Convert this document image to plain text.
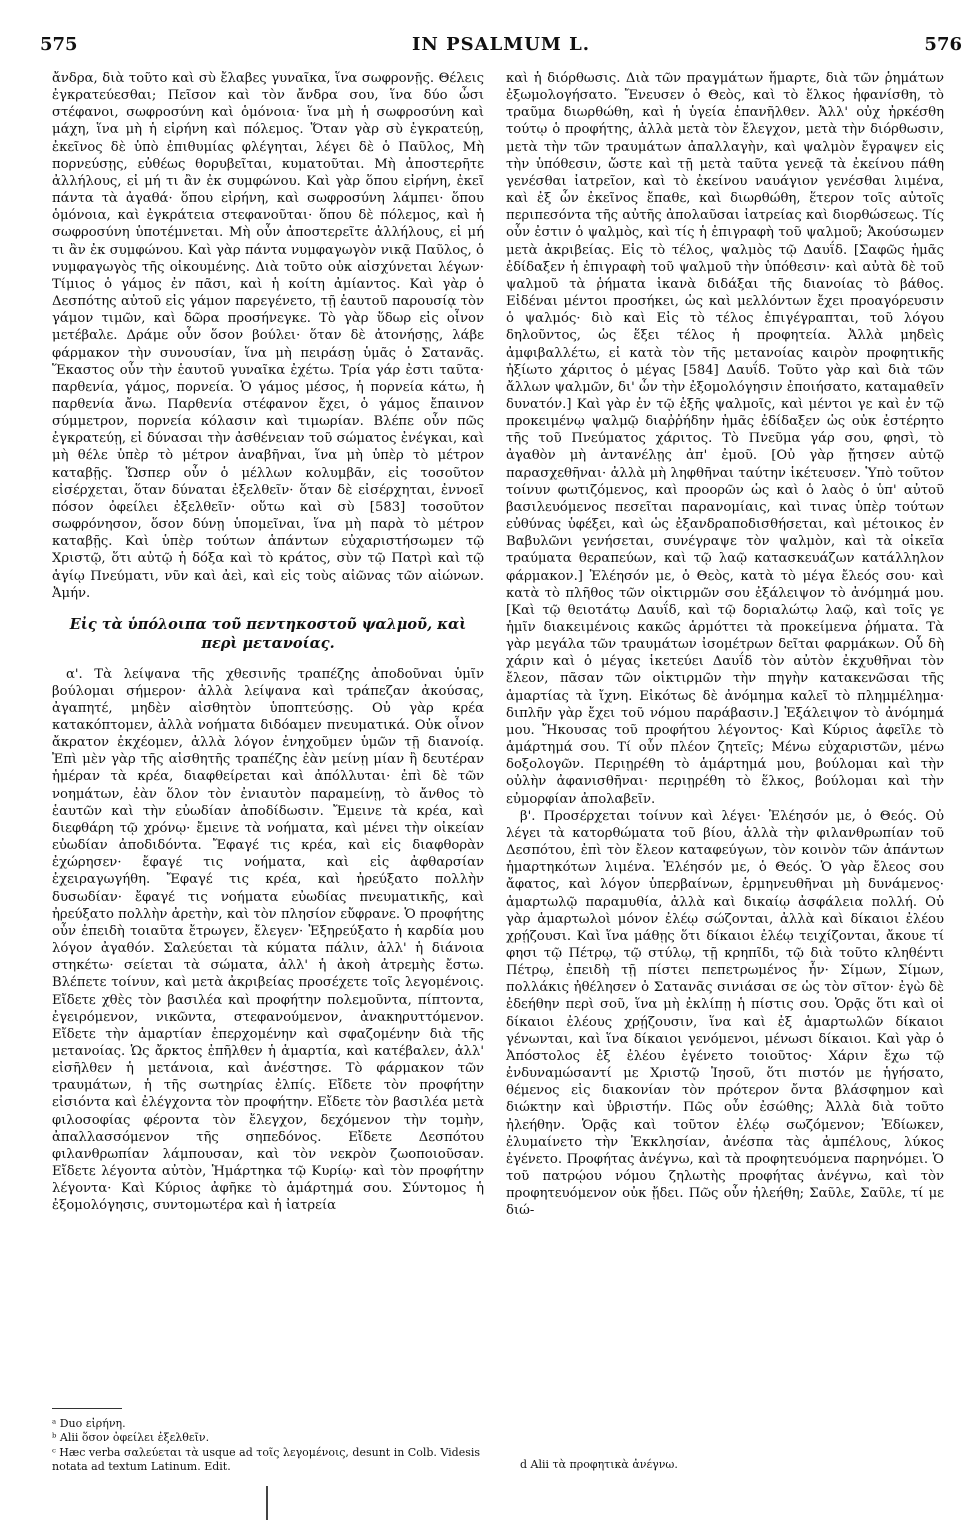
575	IN PSALMUM L.	576

ἄνδρα, διὰ τοῦτο καὶ σὺ ἔλαβες γυναῖκα, ἵνα σωφρονῇς. Θέλεις ἐγκρατεύεσθαι; Πεῖσον καὶ τὸν ἄνδρα σου, ἵνα δύο ὦσι στέφανοι, σωφροσύνη καὶ ὁμόνοια· ἵνα μὴ ἡ σωφροσύνη καὶ μάχη, ἵνα μὴ ἡ εἰρήνη καὶ πόλεμος. Ὅταν γὰρ σὺ ἐγκρατεύῃ, ἐκεῖνος δὲ ὑπὸ ἐπιθυμίας φλέγηται, λέγει δὲ ὁ Παῦλος, Μὴ πορνεύσῃς, εὐθέως θορυβεῖται, κυματοῦται. Μὴ ἀποστερῆτε ἀλλήλους, εἰ μή τι ἂν ἐκ συμφώνου. Καὶ γὰρ ὅπου εἰρήνη, ἐκεῖ πάντα τὰ ἀγαθά· ὅπου εἰρήνη, καὶ σωφροσύνη λάμπει· ὅπου ὁμόνοια, καὶ ἐγκράτεια στεφανοῦται· ὅπου δὲ πόλεμος, καὶ ἡ σωφροσύνη ὑποτέμνεται. Μὴ οὖν ἀποστερεῖτε ἀλλήλους, εἰ μή τι ἂν ἐκ συμφώνου. Καὶ γὰρ πάντα νυμφαγωγὸν νικᾷ Παῦλος, ὁ νυμφαγωγὸς τῆς οἰκουμένης. Διὰ τοῦτο οὐκ αἰσχύνεται λέγων· Τίμιος ὁ γάμος ἐν πᾶσι, καὶ ἡ κοίτη ἀμίαντος. Καὶ γὰρ ὁ Δεσπότης αὐτοῦ εἰς γάμον παρεγένετο, τῇ ἑαυτοῦ παρουσίᾳ τὸν γάμον τιμῶν, καὶ δῶρα προσήνεγκε. Τὸ γὰρ ὕδωρ εἰς οἶνον μετέβαλε. Δράμε οὖν ὅσον βούλει· ὅταν δὲ ἀτονήσῃς, λάβε φάρμακον τὴν συνουσίαν, ἵνα μὴ πειράσῃ ὑμᾶς ὁ Σατανᾶς. Ἕκαστος οὖν τὴν ἑαυτοῦ γυναῖκα ἐχέτω. Τρία γάρ ἐστι ταῦτα· παρθενία, γάμος, πορνεία. Ὁ γάμος μέσος, ἡ πορνεία κάτω, ἡ παρθενία ἄνω. Παρθενία στέφανον ἔχει, ὁ γάμος ἔπαινον σύμμετρον, πορνεία κόλασιν καὶ τιμωρίαν. Βλέπε οὖν πῶς ἐγκρατεύῃ, εἰ δύνασαι τὴν ἀσθένειαν τοῦ σώματος ἐνέγκαι, καὶ μὴ θέλε ὑπὲρ τὸ μέτρον ἀναβῆναι, ἵνα μὴ ὑπὲρ τὸ μέτρον καταβῇς. Ὥσπερ οὖν ὁ μέλλων κολυμβᾶν, εἰς τοσοῦτον εἰσέρχεται, ὅταν δύναται ἐξελθεῖν· ὅταν δὲ εἰσέρχηται, ἐννοεῖ πόσον ὀφείλει ἐξελθεῖν· οὕτω καὶ σὺ [583] τοσοῦτον σωφρόνησον, ὅσον δύνῃ ὑπομεῖναι, ἵνα μὴ παρὰ τὸ μέτρον καταβῇς. Καὶ ὑπὲρ τούτων ἁπάντων εὐχαριστήσωμεν τῷ Χριστῷ, ὅτι αὐτῷ ἡ δόξα καὶ τὸ κράτος, σὺν τῷ Πατρὶ καὶ τῷ ἁγίῳ Πνεύματι, νῦν καὶ ἀεὶ, καὶ εἰς τοὺς αἰῶνας τῶν αἰώνων. Ἀμήν.

Εἰς τὰ ὑπόλοιπα τοῦ πεντηκοστοῦ ψαλμοῦ, καὶ περὶ μετανοίας.

α'. Τὰ λείψανα τῆς χθεσινῆς τραπέζης ἀποδοῦναι ὑμῖν βούλομαι σήμερον· ἀλλὰ λείψανα καὶ τράπεζαν ἀκούσας, ἀγαπητέ, μηδὲν αἰσθητὸν ὑποπτεύσῃς. Οὐ γὰρ κρέα κατακόπτομεν, ἀλλὰ νοήματα διδόαμεν πνευματικά. Οὐκ οἶνον ἄκρατον ἐκχέομεν, ἀλλὰ λόγον ἐνηχοῦμεν ὑμῶν τῇ διανοίᾳ. Ἐπὶ μὲν γὰρ τῆς αἰσθητῆς τραπέζης ἐὰν μείνῃ μίαν ἢ δευτέραν ἡμέραν τὰ κρέα, διαφθείρεται καὶ ἀπόλλυται· ἐπὶ δὲ τῶν νοημάτων, ἐὰν ὅλον τὸν ἐνιαυτὸν παραμείνῃ, τὸ ἄνθος τὸ ἑαυτῶν καὶ τὴν εὐωδίαν ἀποδίδωσιν. Ἔμεινε τὰ κρέα, καὶ διεφθάρη τῷ χρόνῳ· ἔμεινε τὰ νοήματα, καὶ μένει τὴν οἰκείαν εὐωδίαν ἀποδιδόντα. Ἔφαγέ τις κρέα, καὶ εἰς διαφθορὰν ἐχώρησεν· ἔφαγέ τις νοήματα, καὶ εἰς ἀφθαρσίαν ἐχειραγωγήθη. Ἔφαγέ τις κρέα, καὶ ἠρεύξατο πολλὴν δυσωδίαν· ἔφαγέ τις νοήματα εὐωδίας πνευματικῆς, καὶ ἠρεύξατο πολλὴν ἀρετὴν, καὶ τὸν πλησίον εὔφρανε. Ὁ προφήτης οὖν ἐπειδὴ τοιαῦτα ἔτρωγεν, ἔλεγεν· Ἐξηρεύξατο ἡ καρδία μου λόγον ἀγαθόν. Σαλεύεται τὰ κύματα πάλιν, ἀλλ' ἡ διάνοια στηκέτω· σείεται τὰ σώματα, ἀλλ' ἡ ἀκοὴ ἀτρεμὴς ἔστω. Βλέπετε τοίνυν, καὶ μετὰ ἀκριβείας προσέχετε τοῖς λεγομένοις. Εἴδετε χθὲς τὸν βασιλέα καὶ προφήτην πολεμοῦντα, πίπτοντα, ἐγειρόμενον, νικῶντα, στεφανούμενον, ἀνακηρυττόμενον. Εἴδετε τὴν ἁμαρτίαν ἐπερχομένην καὶ σφαζομένην διὰ τῆς μετανοίας. Ὡς ἄρκτος ἐπῆλθεν ἡ ἁμαρτία, καὶ κατέβαλεν, ἀλλ' εἰσῆλθεν ἡ μετάνοια, καὶ ἀνέστησε. Τὸ φάρμακον τῶν τραυμάτων, ἡ τῆς σωτηρίας ἐλπίς. Εἴδετε τὸν προφήτην εἰσιόντα καὶ ἐλέγχοντα τὸν προφήτην. Εἴδετε τὸν βασιλέα μετὰ φιλοσοφίας φέροντα τὸν ἔλεγχον, δεχόμενον τὴν τομὴν, ἀπαλλασσόμενον τῆς σηπεδόνος. Εἴδετε Δεσπότου φιλανθρωπίαν λάμπουσαν, καὶ τὸν νεκρὸν ζωοποιοῦσαν. Εἴδετε λέγοντα αὐτὸν, Ἡμάρτηκα τῷ Κυρίῳ· καὶ τὸν προφήτην λέγοντα· Καὶ Κύριος ἀφῆκε τὸ ἁμάρτημά σου. Σύντομος ἡ ἐξομολόγησις, συντομωτέρα καὶ ἡ ἰατρεία

καὶ ἡ διόρθωσις. Διὰ τῶν πραγμάτων ἥμαρτε, διὰ τῶν ῥημάτων ἐξωμολογήσατο. Ἔνευσεν ὁ Θεὸς, καὶ τὸ ἕλκος ἠφανίσθη, τὸ τραῦμα διωρθώθη, καὶ ἡ ὑγεία ἐπανῆλθεν. Ἀλλ' οὐχ ἠρκέσθη τούτῳ ὁ προφήτης, ἀλλὰ μετὰ τὸν ἔλεγχον, μετὰ τὴν διόρθωσιν, μετὰ τὴν τῶν τραυμάτων ἀπαλλαγὴν, καὶ ψαλμὸν ἔγραψεν εἰς τὴν ὑπόθεσιν, ὥστε καὶ τῇ μετὰ ταῦτα γενεᾷ τὰ ἐκείνου πάθη γενέσθαι ἰατρεῖον, καὶ τὸ ἐκείνου ναυάγιον γενέσθαι λιμένα, καὶ ἐξ ὧν ἐκεῖνος ἔπαθε, καὶ διωρθώθη, ἕτερον τοῖς αὐτοῖς περιπεσόντα τῆς αὐτῆς ἀπολαῦσαι ἰατρείας καὶ διορθώσεως. Τίς οὖν ἐστιν ὁ ψαλμὸς, καὶ τίς ἡ ἐπιγραφὴ τοῦ ψαλμοῦ; Ἀκούσωμεν μετὰ ἀκριβείας. Εἰς τὸ τέλος, ψαλμὸς τῷ Δαυΐδ. [Σαφῶς ἡμᾶς ἐδίδαξεν ἡ ἐπιγραφὴ τοῦ ψαλμοῦ τὴν ὑπόθεσιν· καὶ αὐτὰ δὲ τοῦ ψαλμοῦ τὰ ῥήματα ἱκανὰ διδάξαι τῆς διανοίας τὸ βάθος. Εἰδέναι μέντοι προσήκει, ὡς καὶ μελλόντων ἔχει προαγόρευσιν ὁ ψαλμός· διὸ καὶ Εἰς τὸ τέλος ἐπιγέγραπται, τοῦ λόγου δηλοῦντος, ὡς ἕξει τέλος ἡ προφητεία. Ἀλλὰ μηδεὶς ἀμφιβαλλέτω, εἰ κατὰ τὸν τῆς μετανοίας καιρὸν προφητικῆς ἠξίωτο χάριτος ὁ μέγας [584] Δαυΐδ. Τοῦτο γὰρ καὶ διὰ τῶν ἄλλων ψαλμῶν, δι' ὧν τὴν ἐξομολόγησιν ἐποιήσατο, καταμαθεῖν δυνατόν.] Καὶ γὰρ ἐν τῷ ἑξῆς ψαλμοῖς, καὶ μέντοι γε καὶ ἐν τῷ προκειμένῳ ψαλμῷ διαῤῥήδην ἡμᾶς ἐδίδαξεν ὡς οὐκ ἐστέρητο τῆς τοῦ Πνεύματος χάριτος. Τὸ Πνεῦμα γάρ σου, φησὶ, τὸ ἀγαθὸν μὴ ἀντανέλῃς ἀπ' ἐμοῦ. [Οὐ γὰρ ᾔτησεν αὐτῷ παρασχεθῆναι· ἀλλὰ μὴ ληφθῆναι ταύτην ἱκέτευσεν. Ὑπὸ τοῦτον τοίνυν φωτιζόμενος, καὶ προορῶν ὡς καὶ ὁ λαὸς ὁ ὑπ' αὐτοῦ βασιλευόμενος πεσεῖται παρανομίαις, καὶ τινας ὑπὲρ τούτων εὐθύνας ὑφέξει, καὶ ὡς ἐξανδραποδισθήσεται, καὶ μέτοικος ἐν Βαβυλῶνι γενήσεται, συνέγραψε τὸν ψαλμὸν, καὶ τὰ οἰκεῖα τραύματα θεραπεύων, καὶ τῷ λαῷ κατασκευάζων κατάλληλον φάρμακον.] Ἐλέησόν με, ὁ Θεὸς, κατὰ τὸ μέγα ἔλεός σου· καὶ κατὰ τὸ πλῆθος τῶν οἰκτιρμῶν σου ἐξάλειψον τὸ ἀνόμημά μου. [Καὶ τῷ θειοτάτῳ Δαυΐδ, καὶ τῷ δοριαλώτῳ λαῷ, καὶ τοῖς γε ἡμῖν διακειμένοις κακῶς ἁρμόττει τὰ προκείμενα ῥήματα. Τὰ γὰρ μεγάλα τῶν τραυμάτων ἰσομέτρων δεῖται φαρμάκων. Οὗ δὴ χάριν καὶ ὁ μέγας ἱκετεύει Δαυΐδ τὸν αὐτὸν ἐκχυθῆναι τὸν ἔλεον, πᾶσαν τῶν οἰκτιρμῶν τὴν πηγὴν κατακενῶσαι τῆς ἁμαρτίας τὰ ἴχνη. Εἰκότως δὲ ἀνόμημα καλεῖ τὸ πλημμέλημα· διπλῆν γὰρ ἔχει τοῦ νόμου παράβασιν.] Ἐξάλειψον τὸ ἀνόμημά μου. Ἤκουσας τοῦ προφήτου λέγοντος· Καὶ Κύριος ἀφεῖλε τὸ ἁμάρτημά σου. Τί οὖν πλέον ζητεῖς; Μένω εὐχαριστῶν, μένω δοξολογῶν. Περιῃρέθη τὸ ἁμάρτημά μου, βούλομαι καὶ τὴν οὐλὴν ἀφανισθῆναι· περιῃρέθη τὸ ἕλκος, βούλομαι καὶ τὴν εὐμορφίαν ἀπολαβεῖν.

β'. Προσέρχεται τοίνυν καὶ λέγει· Ἐλέησόν με, ὁ Θεός. Οὐ λέγει τὰ κατορθώματα τοῦ βίου, ἀλλὰ τὴν φιλανθρωπίαν τοῦ Δεσπότου, ἐπὶ τὸν ἔλεον καταφεύγων, τὸν κοινὸν τῶν ἁπάντων ἡμαρτηκότων λιμένα. Ἐλέησόν με, ὁ Θεός. Ὁ γὰρ ἔλεος σου ἄφατος, καὶ λόγον ὑπερβαίνων, ἑρμηνευθῆναι μὴ δυνάμενος· ἁμαρτωλῷ παραμυθία, ἀλλὰ καὶ δικαίῳ ἀσφάλεια πολλή. Οὐ γὰρ ἁμαρτωλοὶ μόνον ἐλέῳ σώζονται, ἀλλὰ καὶ δίκαιοι ἐλέου χρῄζουσι. Καὶ ἵνα μάθῃς ὅτι δίκαιοι ἐλέῳ τειχίζονται, ἄκουε τί φησι τῷ Πέτρῳ, τῷ στύλῳ, τῇ κρηπῖδι, τῷ διὰ τοῦτο κληθέντι Πέτρῳ, ἐπειδὴ τῇ πίστει πεπετρωμένος ἦν· Σίμων, Σίμων, πολλάκις ἠθέλησεν ὁ Σατανᾶς σινιάσαι σε ὡς τὸν σῖτον· ἐγὼ δὲ ἐδεήθην περὶ σοῦ, ἵνα μὴ ἐκλίπῃ ἡ πίστις σου. Ὁρᾷς ὅτι καὶ οἱ δίκαιοι ἐλέους χρῄζουσιν, ἵνα καὶ ἐξ ἁμαρτωλῶν δίκαιοι γένωνται, καὶ ἵνα δίκαιοι γενόμενοι, μένωσι δίκαιοι. Καὶ γὰρ ὁ Ἀπόστολος ἐξ ἐλέου ἐγένετο τοιοῦτος· Χάριν ἔχω τῷ ἐνδυναμώσαντί με Χριστῷ Ἰησοῦ, ὅτι πιστόν με ἡγήσατο, θέμενος εἰς διακονίαν τὸν πρότερον ὄντα βλάσφημον καὶ διώκτην καὶ ὑβριστήν. Πῶς οὖν ἐσώθης; Ἀλλὰ διὰ τοῦτο ἠλεήθην. Ὁρᾷς καὶ τοῦτον ἐλέῳ σωζόμενον; Ἐδίωκεν, ἐλυμαίνετο τὴν Ἐκκλησίαν, ἀνέσπα τὰς ἀμπέλους, λύκος ἐγένετο. Προφήτας ἀνέγνω, καὶ τὰ προφητευόμενα παρηνόμει. Ὁ τοῦ πατρῴου νόμου ζηλωτὴς προφήτας ἀνέγνω, καὶ τὸν προφητευόμενον οὐκ ᾔδει. Πῶς οὖν ἠλεήθη; Σαῦλε, Σαῦλε, τί με διώ-

ᵃ Duo εἰρήνη.

ᵇ Alii ὅσον ὀφείλει ἐξελθεῖν.

ᶜ Hæc verba σαλεύεται τὰ usque ad τοῖς λεγομένοις, desunt in Colb. Videsis notata ad textum Latinum. Edit.	d Alii τὰ προφητικὰ ἀνέγνω.
